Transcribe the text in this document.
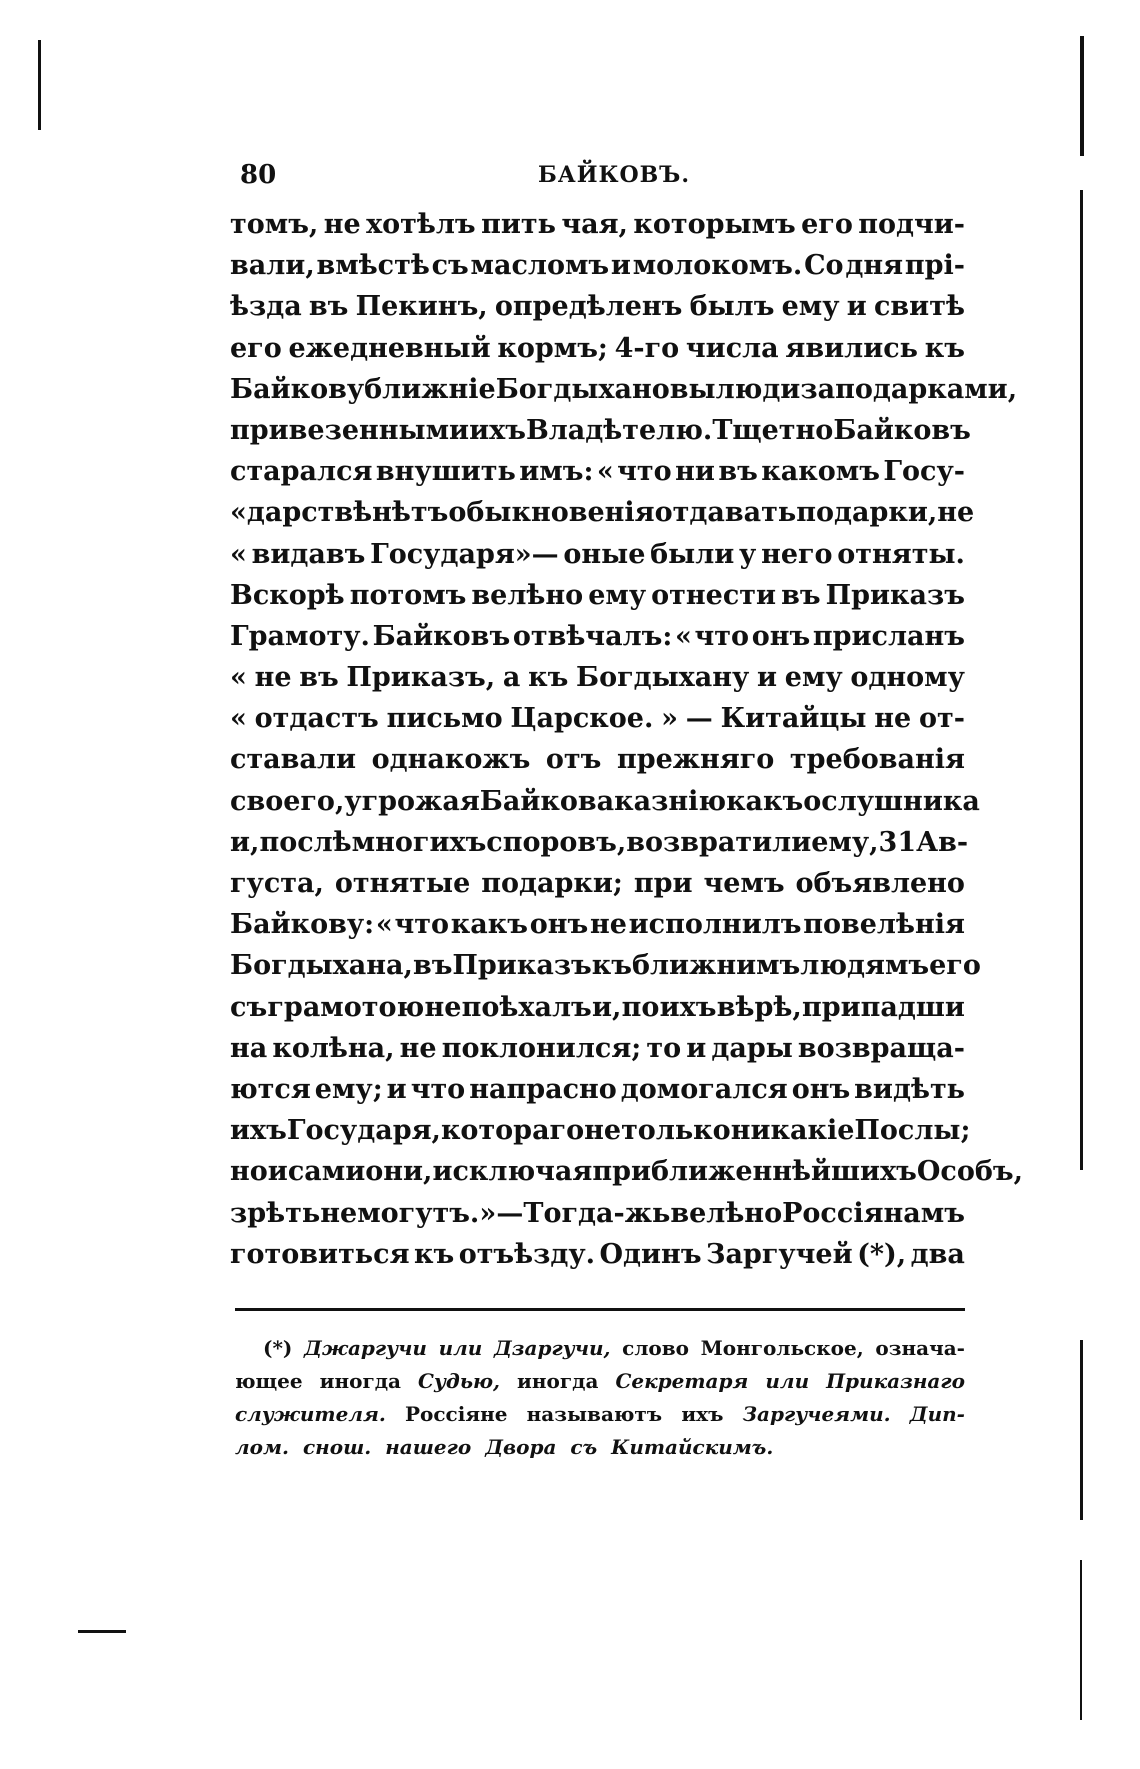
80	БАЙКОВЪ.
томъ, не хотѣлъ пить чая, которымъ его подчи-
вали, вмѣстѣ съ масломъ и молокомъ. Со дня прі-
ѣзда въ Пекинъ, опредѣленъ былъ ему и свитѣ
его ежедневный кормъ; 4-го числа явились къ
Байкову ближніе Богдыхановы люди за подарками,
привезенными ихъ Владѣтелю. Тщетно Байковъ
старался внушить имъ: « что ни въ какомъ Госу-
« дарствѣ нѣтъ обыкновенія отдавать подарки, не
« видавъ Государя»— оные были у него отняты.
Вскорѣ потомъ велѣно ему отнести въ Приказъ
Грамоту. Байковъ отвѣчалъ: « что онъ присланъ
« не въ Приказъ, а къ Богдыхану и ему одному
« отдастъ письмо Царское. » — Китайцы не от-
ставали однакожъ отъ прежняго требованія
своего, угрожая Байкова казнію какъ ослушника
и, послѣ многихъ споровъ, возвратили ему, 31 Ав-
густа, отнятые подарки; при чемъ объявлено
Байкову: « что какъ онъ не исполнилъ повелѣнія
Богдыхана, въ Приказъ къ ближнимъ людямъ его
съ грамотою не поѣхалъ и, по ихъ вѣрѣ, припадши
на колѣна, не поклонился; то и дары возвраща-
ются ему; и что напрасно домогался онъ видѣть
ихъ Государя, котораго не только никакіе Послы;
но и сами они, исключая приближеннѣйшихъ Особъ,
зрѣть не могутъ. » — Тогда-жь велѣно Россіянамъ
готовиться къ отъѣзду. Одинъ Заргучей (*), два
(*) Джаргучи или Дзаргучи, слово Монгольское, означа-
ющее иногда Судью, иногда Секретаря или Приказнаго
служителя. Россіяне называютъ ихъ Заргучеями. Дип-
лом. снош. нашего Двора съ Китайскимъ.
